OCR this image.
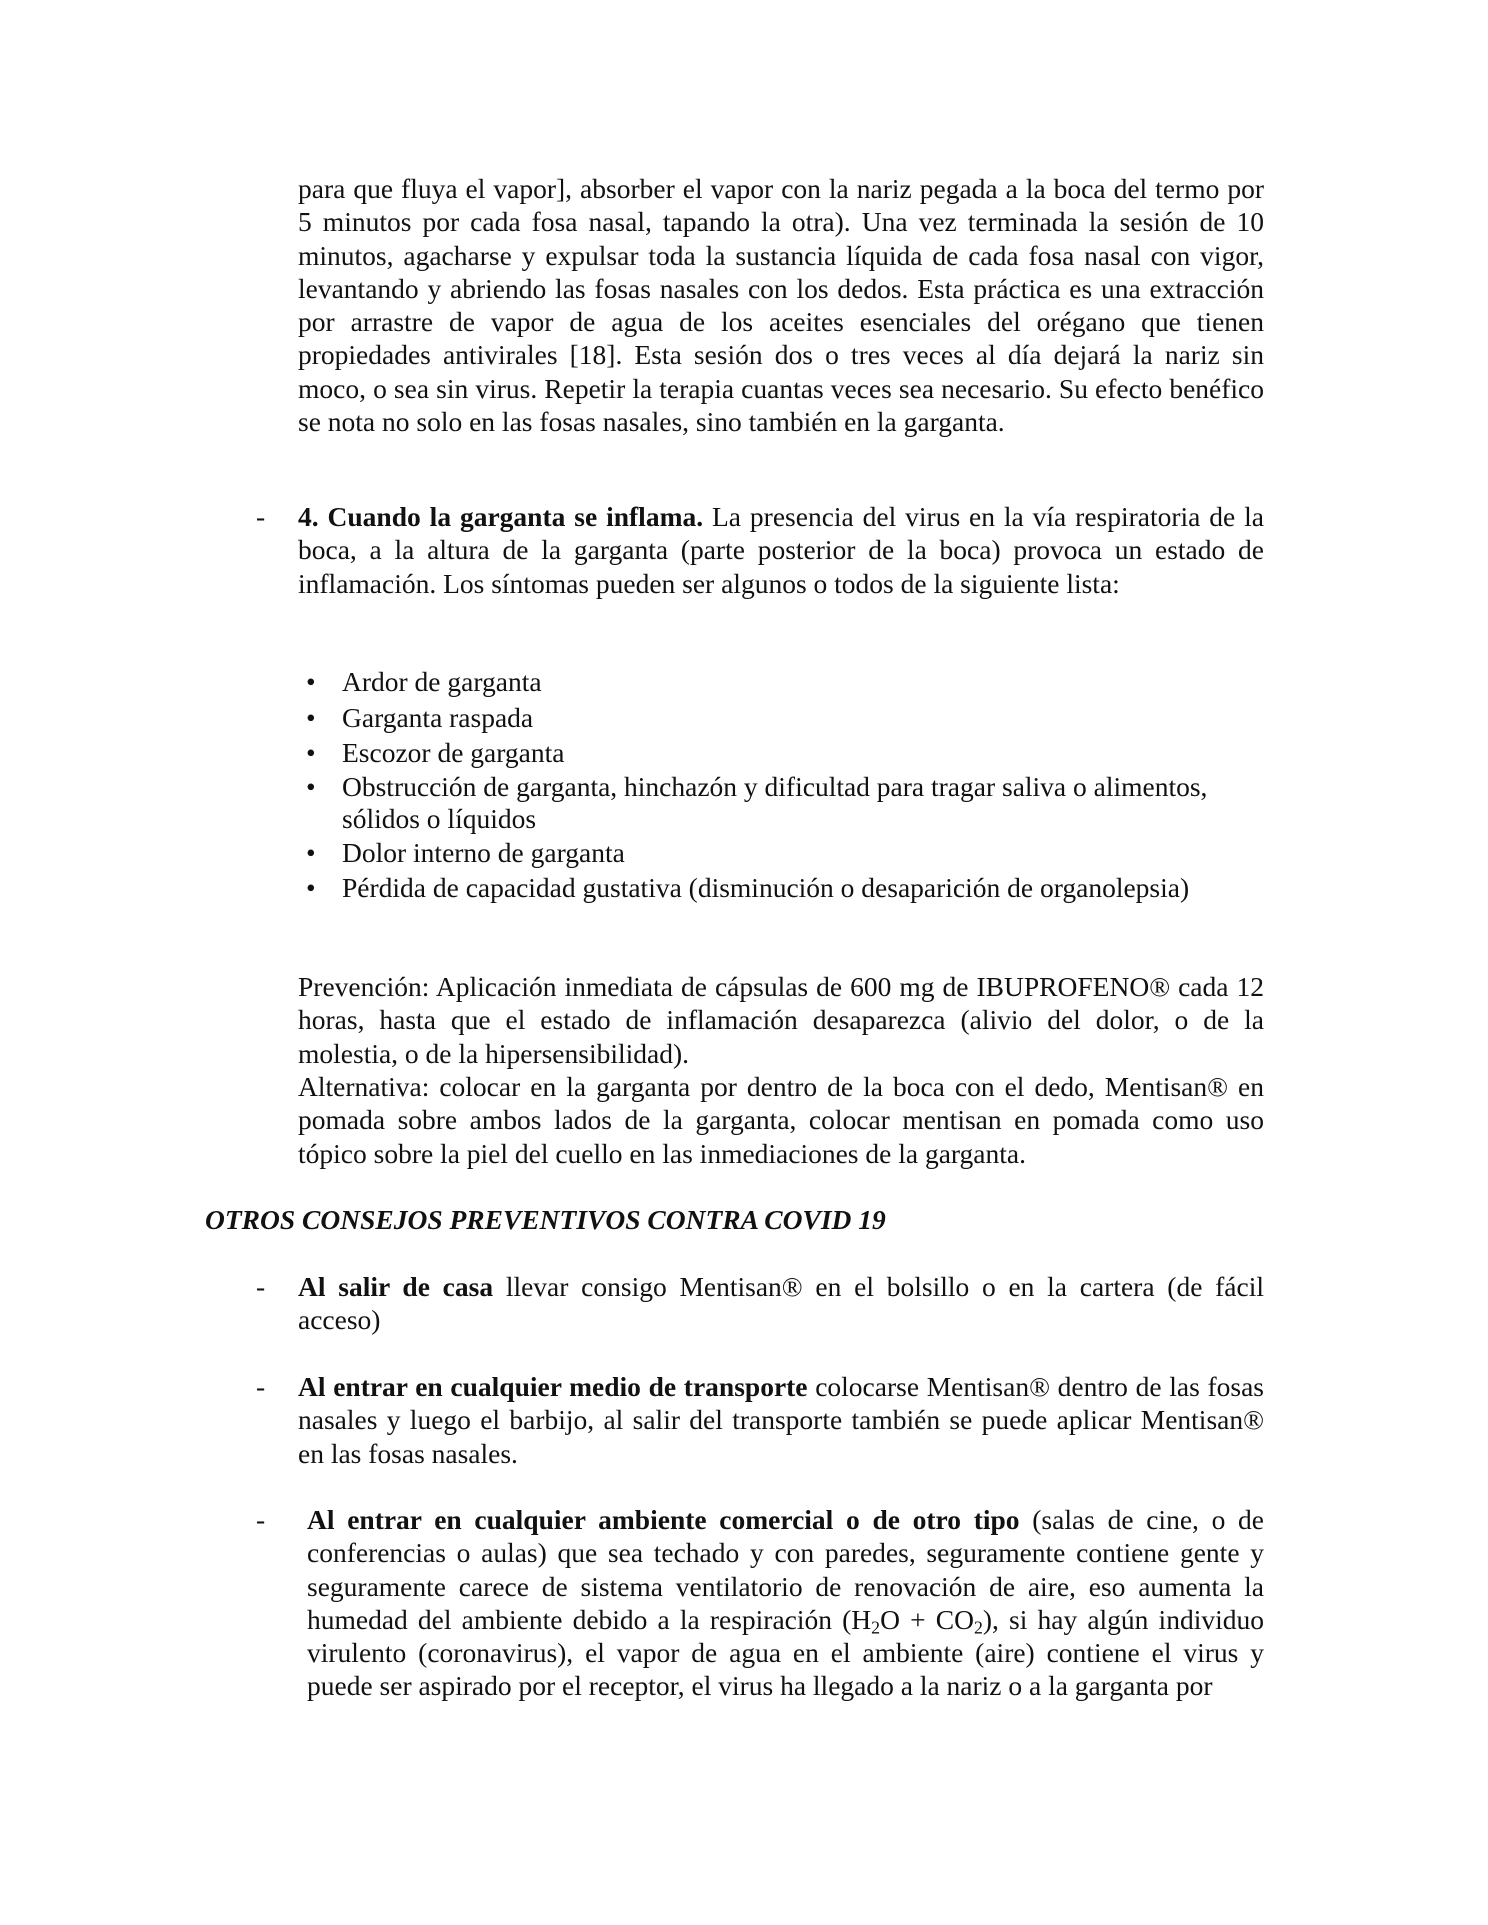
para que fluya el vapor], absorber el vapor con la nariz pegada a la boca del termo por 5 minutos por cada fosa nasal, tapando la otra). Una vez terminada la sesión de 10 minutos, agacharse y expulsar toda la sustancia líquida de cada fosa nasal con vigor, levantando y abriendo las fosas nasales con los dedos. Esta práctica es una extracción por arrastre de vapor de agua de los aceites esenciales del orégano que tienen propiedades antivirales [18]. Esta sesión dos o tres veces al día dejará la nariz sin moco, o sea sin virus. Repetir la terapia cuantas veces sea necesario. Su efecto benéfico se nota no solo en las fosas nasales, sino también en la garganta.

- 4. Cuando la garganta se inflama. La presencia del virus en la vía respiratoria de la boca, a la altura de la garganta (parte posterior de la boca) provoca un estado de inflamación. Los síntomas pueden ser algunos o todos de la siguiente lista:

• Ardor de garganta
• Garganta raspada
• Escozor de garganta
• Obstrucción de garganta, hinchazón y dificultad para tragar saliva o alimentos, sólidos o líquidos
• Dolor interno de garganta
• Pérdida de capacidad gustativa (disminución o desaparición de organolepsia)

Prevención: Aplicación inmediata de cápsulas de 600 mg de IBUPROFENO® cada 12 horas, hasta que el estado de inflamación desaparezca (alivio del dolor, o de la molestia, o de la hipersensibilidad).

Alternativa: colocar en la garganta por dentro de la boca con el dedo, Mentisan® en pomada sobre ambos lados de la garganta, colocar mentisan en pomada como uso tópico sobre la piel del cuello en las inmediaciones de la garganta.

OTROS CONSEJOS PREVENTIVOS CONTRA COVID 19
- Al salir de casa llevar consigo Mentisan® en el bolsillo o en la cartera (de fácil acceso)

- Al entrar en cualquier medio de transporte colocarse Mentisan® dentro de las fosas nasales y luego el barbijo, al salir del transporte también se puede aplicar Mentisan® en las fosas nasales.

- Al entrar en cualquier ambiente comercial o de otro tipo (salas de cine, o de conferencias o aulas) que sea techado y con paredes, seguramente contiene gente y seguramente carece de sistema ventilatorio de renovación de aire, eso aumenta la humedad del ambiente debido a la respiración $(H_2O + CO_2)$, si hay algún individuo virulento (coronavirus), el vapor de agua en el ambiente (aire) contiene el virus y puede ser aspirado por el receptor, el virus ha llegado a la nariz o a la garganta por
